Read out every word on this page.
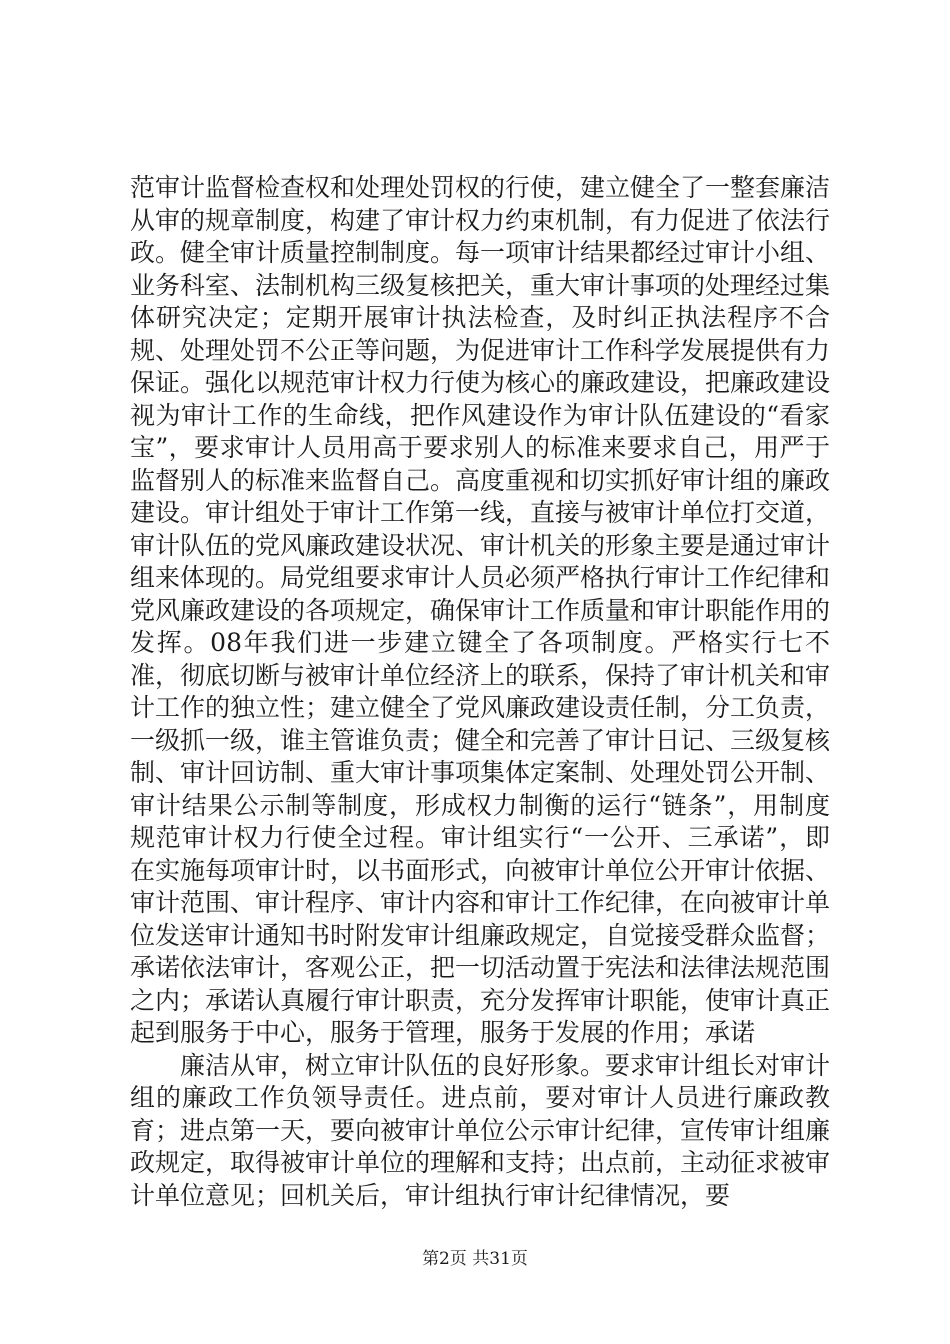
范审计监督检查权和处理处罚权的行使，建立健全了一整套廉洁从审的规章制度，构建了审计权力约束机制，有力促进了依法行政。健全审计质量控制制度。每一项审计结果都经过审计小组、业务科室、法制机构三级复核把关，重大审计事项的处理经过集体研究决定；定期开展审计执法检查，及时纠正执法程序不合规、处理处罚不公正等问题，为促进审计工作科学发展提供有力保证。强化以规范审计权力行使为核心的廉政建设，把廉政建设视为审计工作的生命线，把作风建设作为审计队伍建设的“看家宝”，要求审计人员用高于要求别人的标准来要求自己，用严于监督别人的标准来监督自己。高度重视和切实抓好审计组的廉政建设。审计组处于审计工作第一线，直接与被审计单位打交道，审计队伍的党风廉政建设状况、审计机关的形象主要是通过审计组来体现的。局党组要求审计人员必须严格执行审计工作纪律和党风廉政建设的各项规定，确保审计工作质量和审计职能作用的发挥。08年我们进一步建立键全了各项制度。严格实行七不准，彻底切断与被审计单位经济上的联系，保持了审计机关和审计工作的独立性；建立健全了党风廉政建设责任制，分工负责，一级抓一级，谁主管谁负责；健全和完善了审计日记、三级复核制、审计回访制、重大审计事项集体定案制、处理处罚公开制、审计结果公示制等制度，形成权力制衡的运行“链条”，用制度规范审计权力行使全过程。审计组实行“一公开、三承诺”，即在实施每项审计时，以书面形式，向被审计单位公开审计依据、审计范围、审计程序、审计内容和审计工作纪律，在向被审计单位发送审计通知书时附发审计组廉政规定，自觉接受群众监督；承诺依法审计，客观公正，把一切活动置于宪法和法律法规范围之内；承诺认真履行审计职责，充分发挥审计职能，使审计真正起到服务于中心，服务于管理，服务于发展的作用；承诺

廉洁从审，树立审计队伍的良好形象。要求审计组长对审计组的廉政工作负领导责任。进点前，要对审计人员进行廉政教育；进点第一天，要向被审计单位公示审计纪律，宣传审计组廉政规定，取得被审计单位的理解和支持；出点前，主动征求被审计单位意见；回机关后，审计组执行审计纪律情况，要

第2页 共31页
